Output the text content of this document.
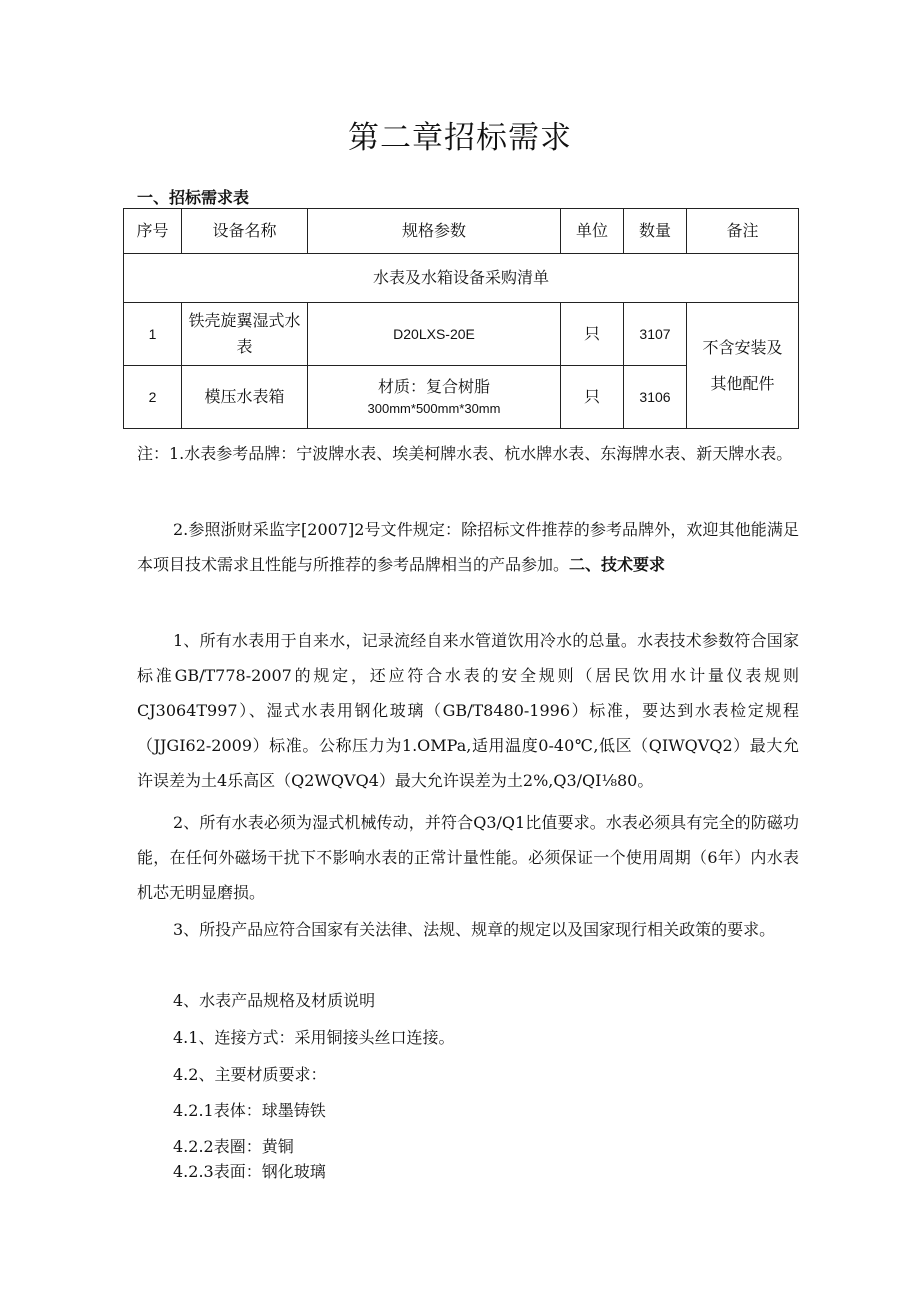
第二章招标需求
一、招标需求表
序号	设备名称	规格参数	单位	数量	备注
水表及水箱设备采购清单					
1	铁壳旋翼湿式水表	D20LXS-20E	只	3107	不含安装及其他配件

2	模压水表箱	材质：复合树脂
300mm*500mm*30mm	只	3106	
注：1.水表参考品牌：宁波牌水表、埃美柯牌水表、杭水牌水表、东海牌水表、新天牌水表。
2.参照浙财采监字[2007]2号文件规定：除招标文件推荐的参考品牌外，欢迎其他能满足本项目技术需求且性能与所推荐的参考品牌相当的产品参加。二、技术要求
1、所有水表用于自来水，记录流经自来水管道饮用冷水的总量。水表技术参数符合国家标准GB/T778-2007的规定，还应符合水表的安全规则（居民饮用水计量仪表规则CJ3064T997）、湿式水表用钢化玻璃（GB/T8480-1996）标准，要达到水表检定规程（JJGI62-2009）标准。公称压力为1.OMPa,适用温度0-40℃,低区（QIWQVQ2）最大允许误差为土4乐高区（Q2WQVQ4）最大允许误差为土2%,Q3∕QI⅛80。
2、所有水表必须为湿式机械传动，并符合Q3/Q1比值要求。水表必须具有完全的防磁功能，在任何外磁场干扰下不影响水表的正常计量性能。必须保证一个使用周期（6年）内水表机芯无明显磨损。
3、所投产品应符合国家有关法律、法规、规章的规定以及国家现行相关政策的要求。
4、水表产品规格及材质说明
4.1、连接方式：采用铜接头丝口连接。
4.2、主要材质要求：
4.2.1表体：球墨铸铁
4.2.2表圈：黄铜
4.2.3表面：钢化玻璃
